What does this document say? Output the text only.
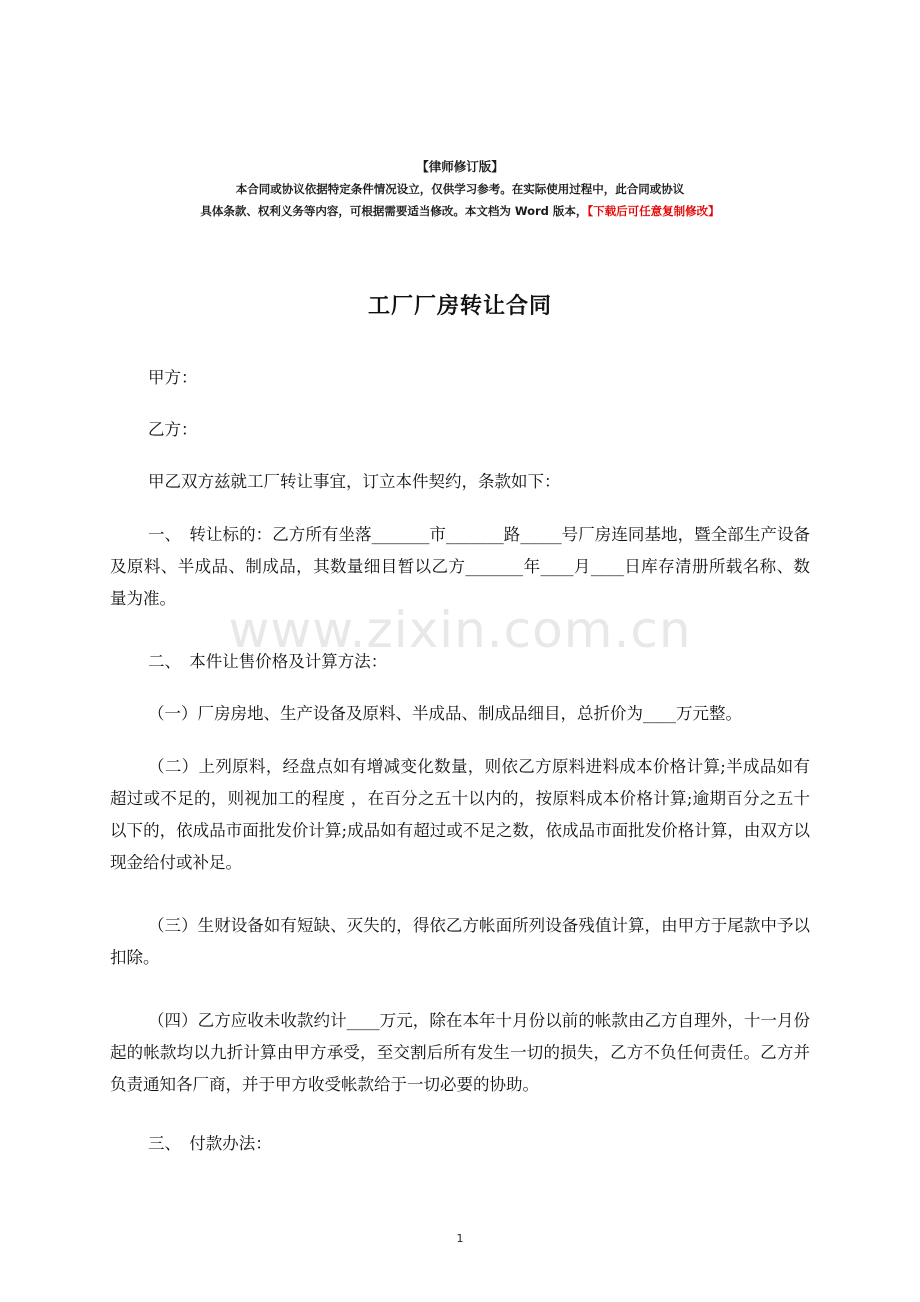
【律师修订版】
本合同或协议依据特定条件情况设立，仅供学习参考。在实际使用过程中，此合同或协议
具体条款、权利义务等内容，可根据需要适当修改。本文档为 Word 版本，【下载后可任意复制修改】
工厂厂房转让合同
甲方：
乙方：
甲乙双方兹就工厂转让事宜，订立本件契约，条款如下：
一、　转让标的：乙方所有坐落_______市_______路_____号厂房连同基地，暨全部生产设备及原料、半成品、制成品，其数量细目暂以乙方_______年____月____日库存清册所载名称、数量为准。
二、　本件让售价格及计算方法：
（一）厂房房地、生产设备及原料、半成品、制成品细目，总折价为____万元整。
（二）上列原料，经盘点如有增减变化数量，则依乙方原料进料成本价格计算;半成品如有超过或不足的，则视加工的程度 ，在百分之五十以内的，按原料成本价格计算;逾期百分之五十以下的，依成品市面批发价计算;成品如有超过或不足之数，依成品市面批发价格计算，由双方以现金给付或补足。
（三）生财设备如有短缺、灭失的，得依乙方帐面所列设备残值计算，由甲方于尾款中予以扣除。
（四）乙方应收未收款约计____万元，除在本年十月份以前的帐款由乙方自理外，十一月份起的帐款均以九折计算由甲方承受，至交割后所有发生一切的损失，乙方不负任何责任。乙方并负责通知各厂商，并于甲方收受帐款给于一切必要的协助。
三、　付款办法：
www.zixin.com.cn
1
